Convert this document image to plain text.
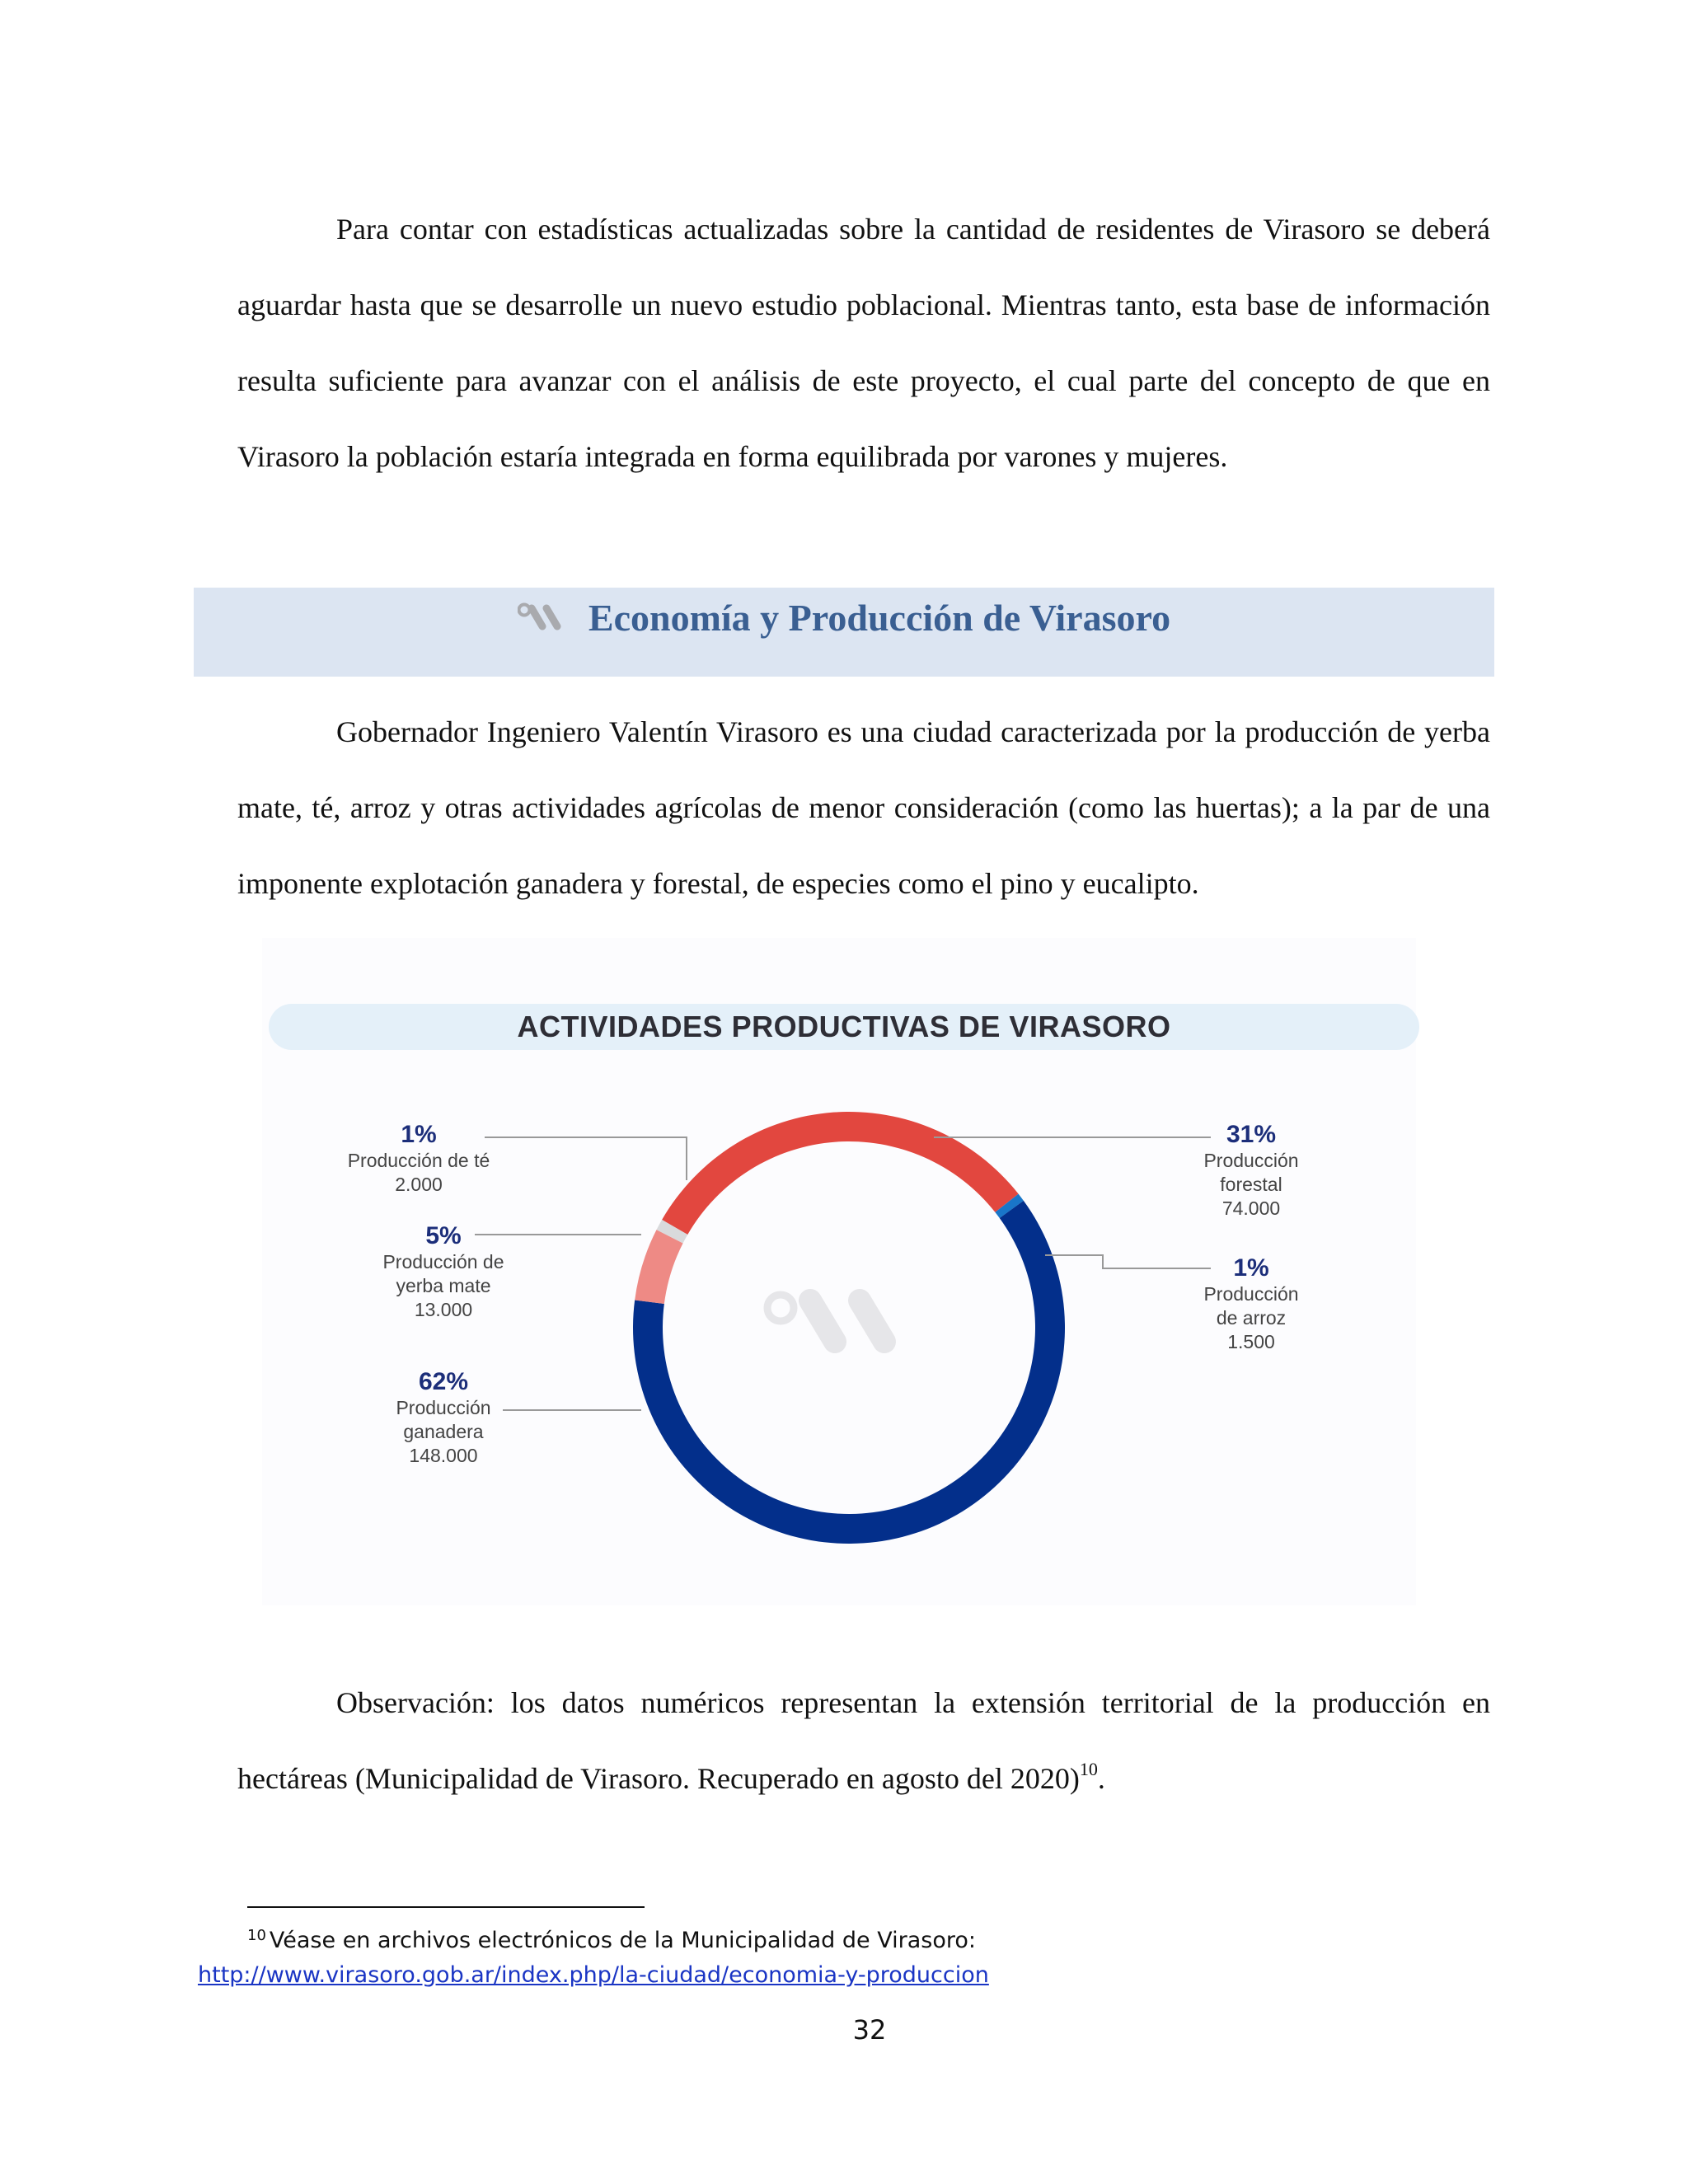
Para contar con estadísticas actualizadas sobre la cantidad de residentes de Virasoro se deberá aguardar hasta que se desarrolle un nuevo estudio poblacional. Mientras tanto, esta base de información resulta suficiente para avanzar con el análisis de este proyecto, el cual parte del concepto de que en Virasoro la población estaría integrada en forma equilibrada por varones y mujeres.

Economía y Producción de Virasoro

Gobernador Ingeniero Valentín Virasoro es una ciudad caracterizada por la producción de yerba mate, té, arroz y otras actividades agrícolas de menor consideración (como las huertas); a la par de una imponente explotación ganadera y forestal, de especies como el pino y eucalipto.

ACTIVIDADES PRODUCTIVAS DE VIRASORO
1%
Producción de té
2.000
5%
Producción de
yerba mate
13.000
62%
Producción
ganadera
148.000
31%
Producción
forestal
74.000
1%
Producción
de arroz
1.500

Observación: los datos numéricos representan la extensión territorial de la producción en hectáreas (Municipalidad de Virasoro. Recuperado en agosto del 2020)$^{10}$.

$^{10}$ Véase en archivos electrónicos de la Municipalidad de Virasoro:
http://www.virasoro.gob.ar/index.php/la-ciudad/economia-y-produccion
32
